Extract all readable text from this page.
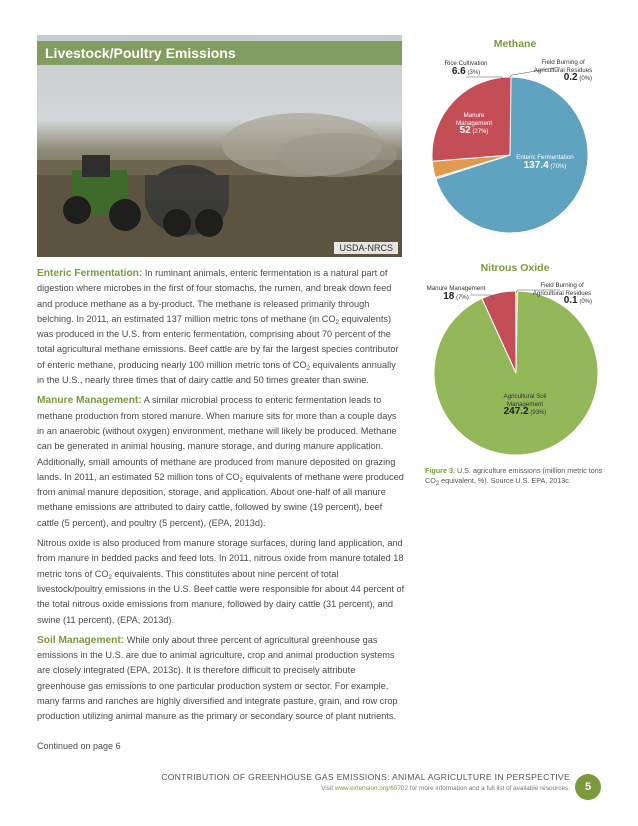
Livestock/Poultry Emissions
USDA-NRCS

Enteric Fermentation: In ruminant animals, enteric fermentation is a natural part of digestion where microbes in the first of four stomachs, the rumen, and break down feed and produce methane as a by-product. The methane is released primarily through belching. In 2011, an estimated 137 million metric tons of methane (in $CO_2$ equivalents) was produced in the U.S. from enteric fermentation, comprising about 70 percent of the total agricultural methane emissions. Beef cattle are by far the largest species contributor of enteric methane, producing nearly 100 million metric tons of $CO_2$ equivalents annually in the U.S., nearly three times that of dairy cattle and 50 times greater than swine.

Manure Management: A similar microbial process to enteric fermentation leads to methane production from stored manure. When manure sits for more than a couple days in an anaerobic (without oxygen) environment, methane will likely be produced. Methane can be generated in animal housing, manure storage, and during manure application. Additionally, small amounts of methane are produced from manure deposited on grazing lands. In 2011, an estimated 52 million tons of $CO_2$ equivalents of methane were produced from animal manure deposition, storage, and application. About one-half of all manure methane emissions are attributed to dairy cattle, followed by swine (19 percent), beef cattle (5 percent), and poultry (5 percent), (EPA, 2013d).

Nitrous oxide is also produced from manure storage surfaces, during land application, and from manure in bedded packs and feed lots. In 2011, nitrous oxide from manure totaled 18 metric tons of $CO_2$ equivalents. This constitutes about nine percent of total livestock/poultry emissions in the U.S. Beef cattle were responsible for about 44 percent of the total nitrous oxide emissions from manure, followed by dairy cattle (31 percent), and swine (11 percent), (EPA, 2013d).

Soil Management: While only about three percent of agricultural greenhouse gas emissions in the U.S. are due to animal agriculture, crop and animal production systems are closely integrated (EPA, 2013c). It is therefore difficult to precisely attribute greenhouse gas emissions to one particular production system or sector. For example, many farms and ranches are highly diversified and integrate pasture, grain, and row crop production utilizing animal manure as the primary or secondary source of plant nutrients.

Continued on page 6
Methane
Nitrous Oxide
Rice Cultivation
6.6 (3%)
Field Burning of Agricultural Residues
0.2 (0%)
Manure Management
52 (27%)
Enteric Fermentation
137.4 (70%)
Manure Management
18 (7%)
Field Burning of Agricultural Residues
0.1 (0%)
Agricultural Soil Management
247.2 (93%)
Figure 3. U.S. agriculture emissions (million metric tons $CO_2$ equivalent, %). Source U.S. EPA, 2013c.
CONTRIBUTION OF GREENHOUSE GAS EMISSIONS: ANIMAL AGRICULTURE IN PERSPECTIVE
Visit www.extension.org/60702 for more information and a full list of available resources.	5
